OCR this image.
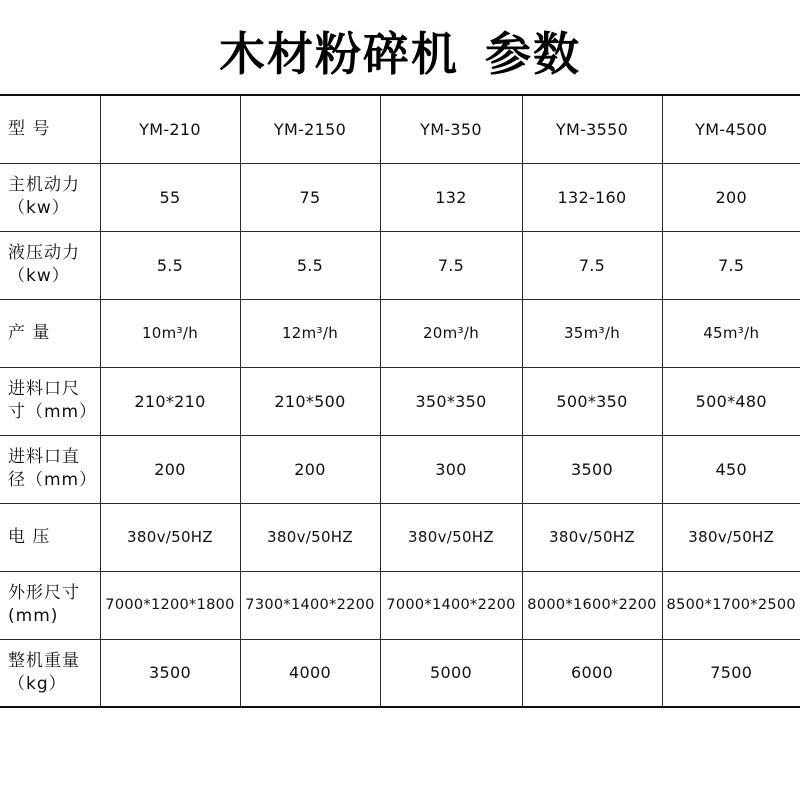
木材粉碎机 参数
型 号	YM-210	YM-2150	YM-350	YM-3550	YM-4500

主机动力
（kw）	55	75	132	132-160	200

液压动力
（kw）	5.5	5.5	7.5	7.5	7.5

产 量	10m³/h	12m³/h	20m³/h	35m³/h	45m³/h

进料口尺
寸（mm）	210*210	210*500	350*350	500*350	500*480

进料口直
径（mm）	200	200	300	3500	450

电 压	380v/50HZ	380v/50HZ	380v/50HZ	380v/50HZ	380v/50HZ

外形尺寸
(mm)	7000*1200*1800	7300*1400*2200	7000*1400*2200	8000*1600*2200	8500*1700*2500

整机重量
（kg）	3500	4000	5000	6000	7500
